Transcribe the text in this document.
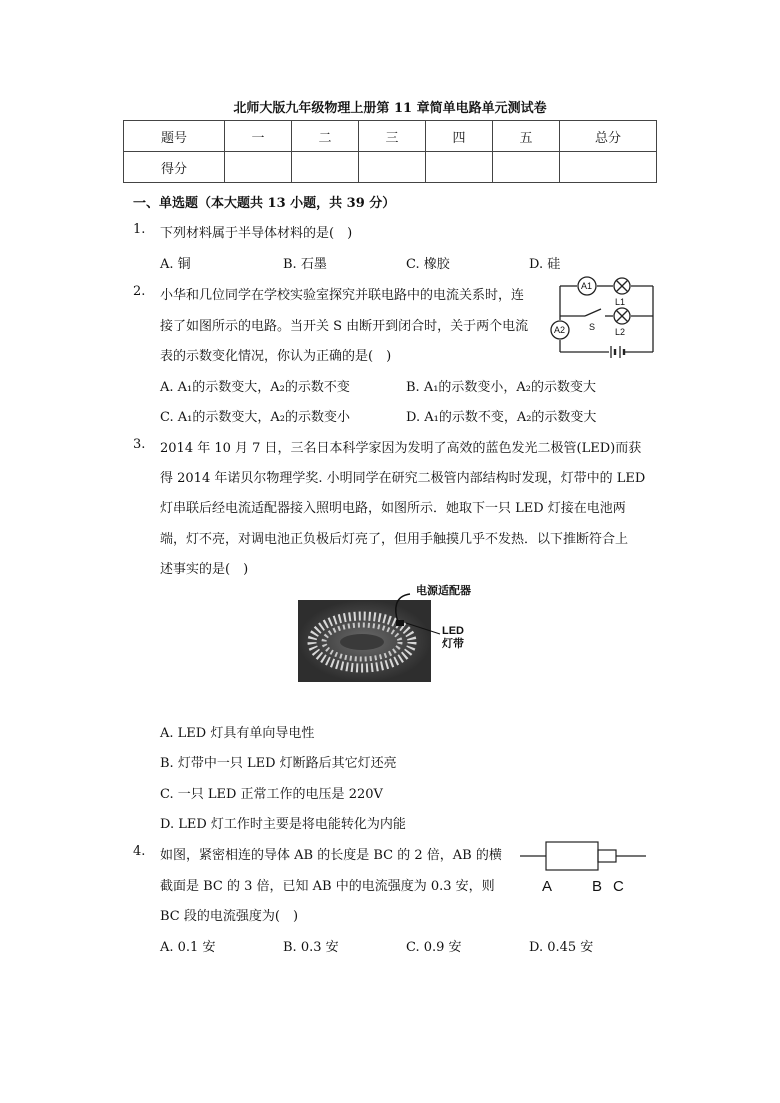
北师大版九年级物理上册第 11 章简单电路单元测试卷
题号	一	二	三	四	五	总分
得分						
一、单选题（本大题共 13 小题，共 39 分）
1. 下列材料属于半导体材料的是(　)
A. 铜	B. 石墨	C. 橡胶	D. 硅
2. 小华和几位同学在学校实验室探究并联电路中的电流关系时，连
接了如图所示的电路。当开关 S 由断开到闭合时，关于两个电流
表的示数变化情况，你认为正确的是(　)
A1
L1
A2	S L2
A. A₁的示数变大，A₂的示数不变	B. A₁的示数变小，A₂的示数变大
C. A₁的示数变大，A₂的示数变小	D. A₁的示数不变，A₂的示数变大
3. 2014 年 10 月 7 日，三名日本科学家因为发明了高效的蓝色发光二极管(LED)而获
得 2014 年诺贝尔物理学奖. 小明同学在研究二极管内部结构时发现，灯带中的 LED
灯串联后经电流适配器接入照明电路，如图所示．她取下一只 LED 灯接在电池两
端，灯不亮，对调电池正负极后灯亮了，但用手触摸几乎不发热．以下推断符合上
述事实的是(　)
电源适配器
LED
灯带
A. LED 灯具有单向导电性
B. 灯带中一只 LED 灯断路后其它灯还亮
C. 一只 LED 正常工作的电压是 220V
D. LED 灯工作时主要是将电能转化为内能
4. 如图，紧密相连的导体 AB 的长度是 BC 的 2 倍，AB 的横
截面是 BC 的 3 倍，已知 AB 中的电流强度为 0.3 安，则
BC 段的电流强度为(　)
A	B C
A. 0.1 安	B. 0.3 安	C. 0.9 安	D. 0.45 安
